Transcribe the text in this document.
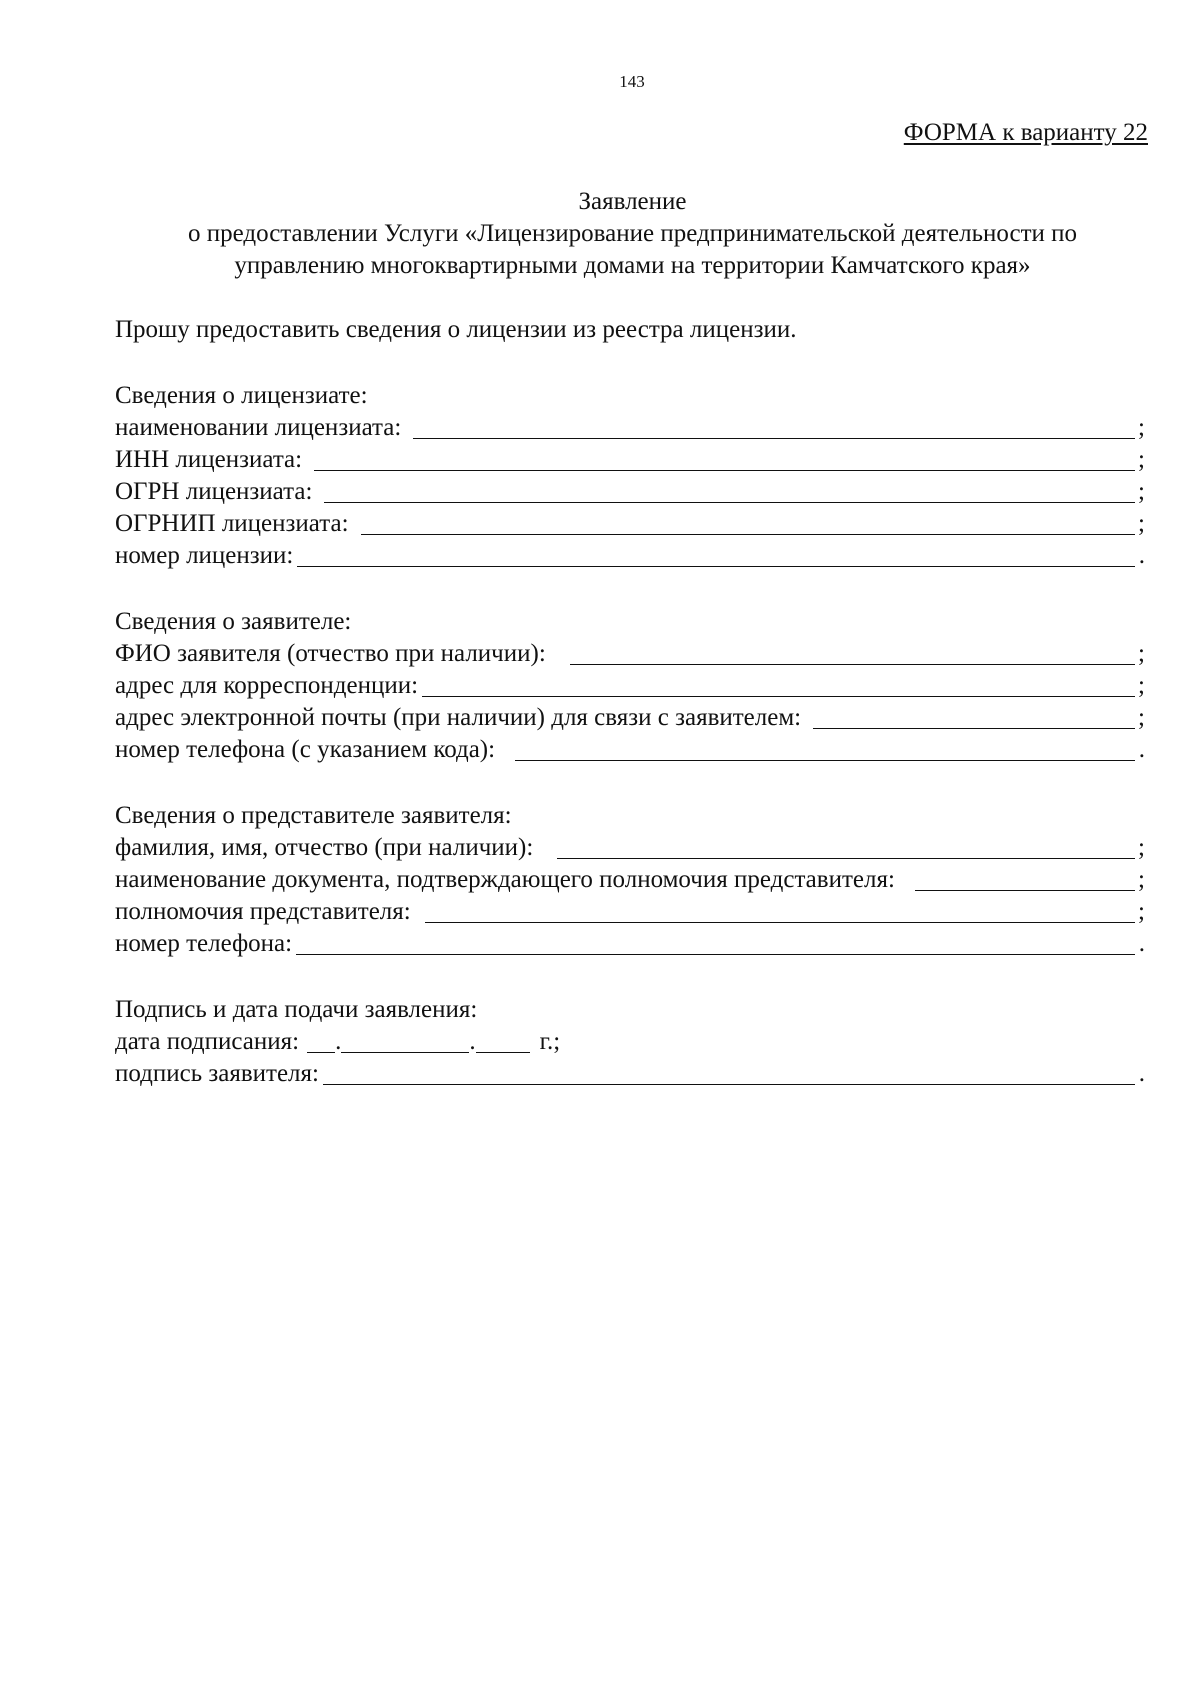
143
ФОРМА к варианту 22
Заявление
о предоставлении Услуги «Лицензирование предпринимательской деятельности по
управлению многоквартирными домами на территории Камчатского края»
Прошу предоставить сведения о лицензии из реестра лицензии.
Сведения о лицензиате:
наименовании лицензиата:	;
ИНН лицензиата:	;
ОГРН лицензиата:	;
ОГРНИП лицензиата:	;
номер лицензии:	.
Сведения о заявителе:
ФИО заявителя (отчество при наличии):	;
адрес для корреспонденции:	;
адрес электронной почты (при наличии) для связи с заявителем:	;
номер телефона (с указанием кода):	.
Сведения о представителе заявителя:
фамилия, имя, отчество (при наличии):	;
наименование документа, подтверждающего полномочия представителя:	;
полномочия представителя:	;
номер телефона:	.
Подпись и дата подачи заявления:
дата подписания: .	.	г.;
подпись заявителя:	.
